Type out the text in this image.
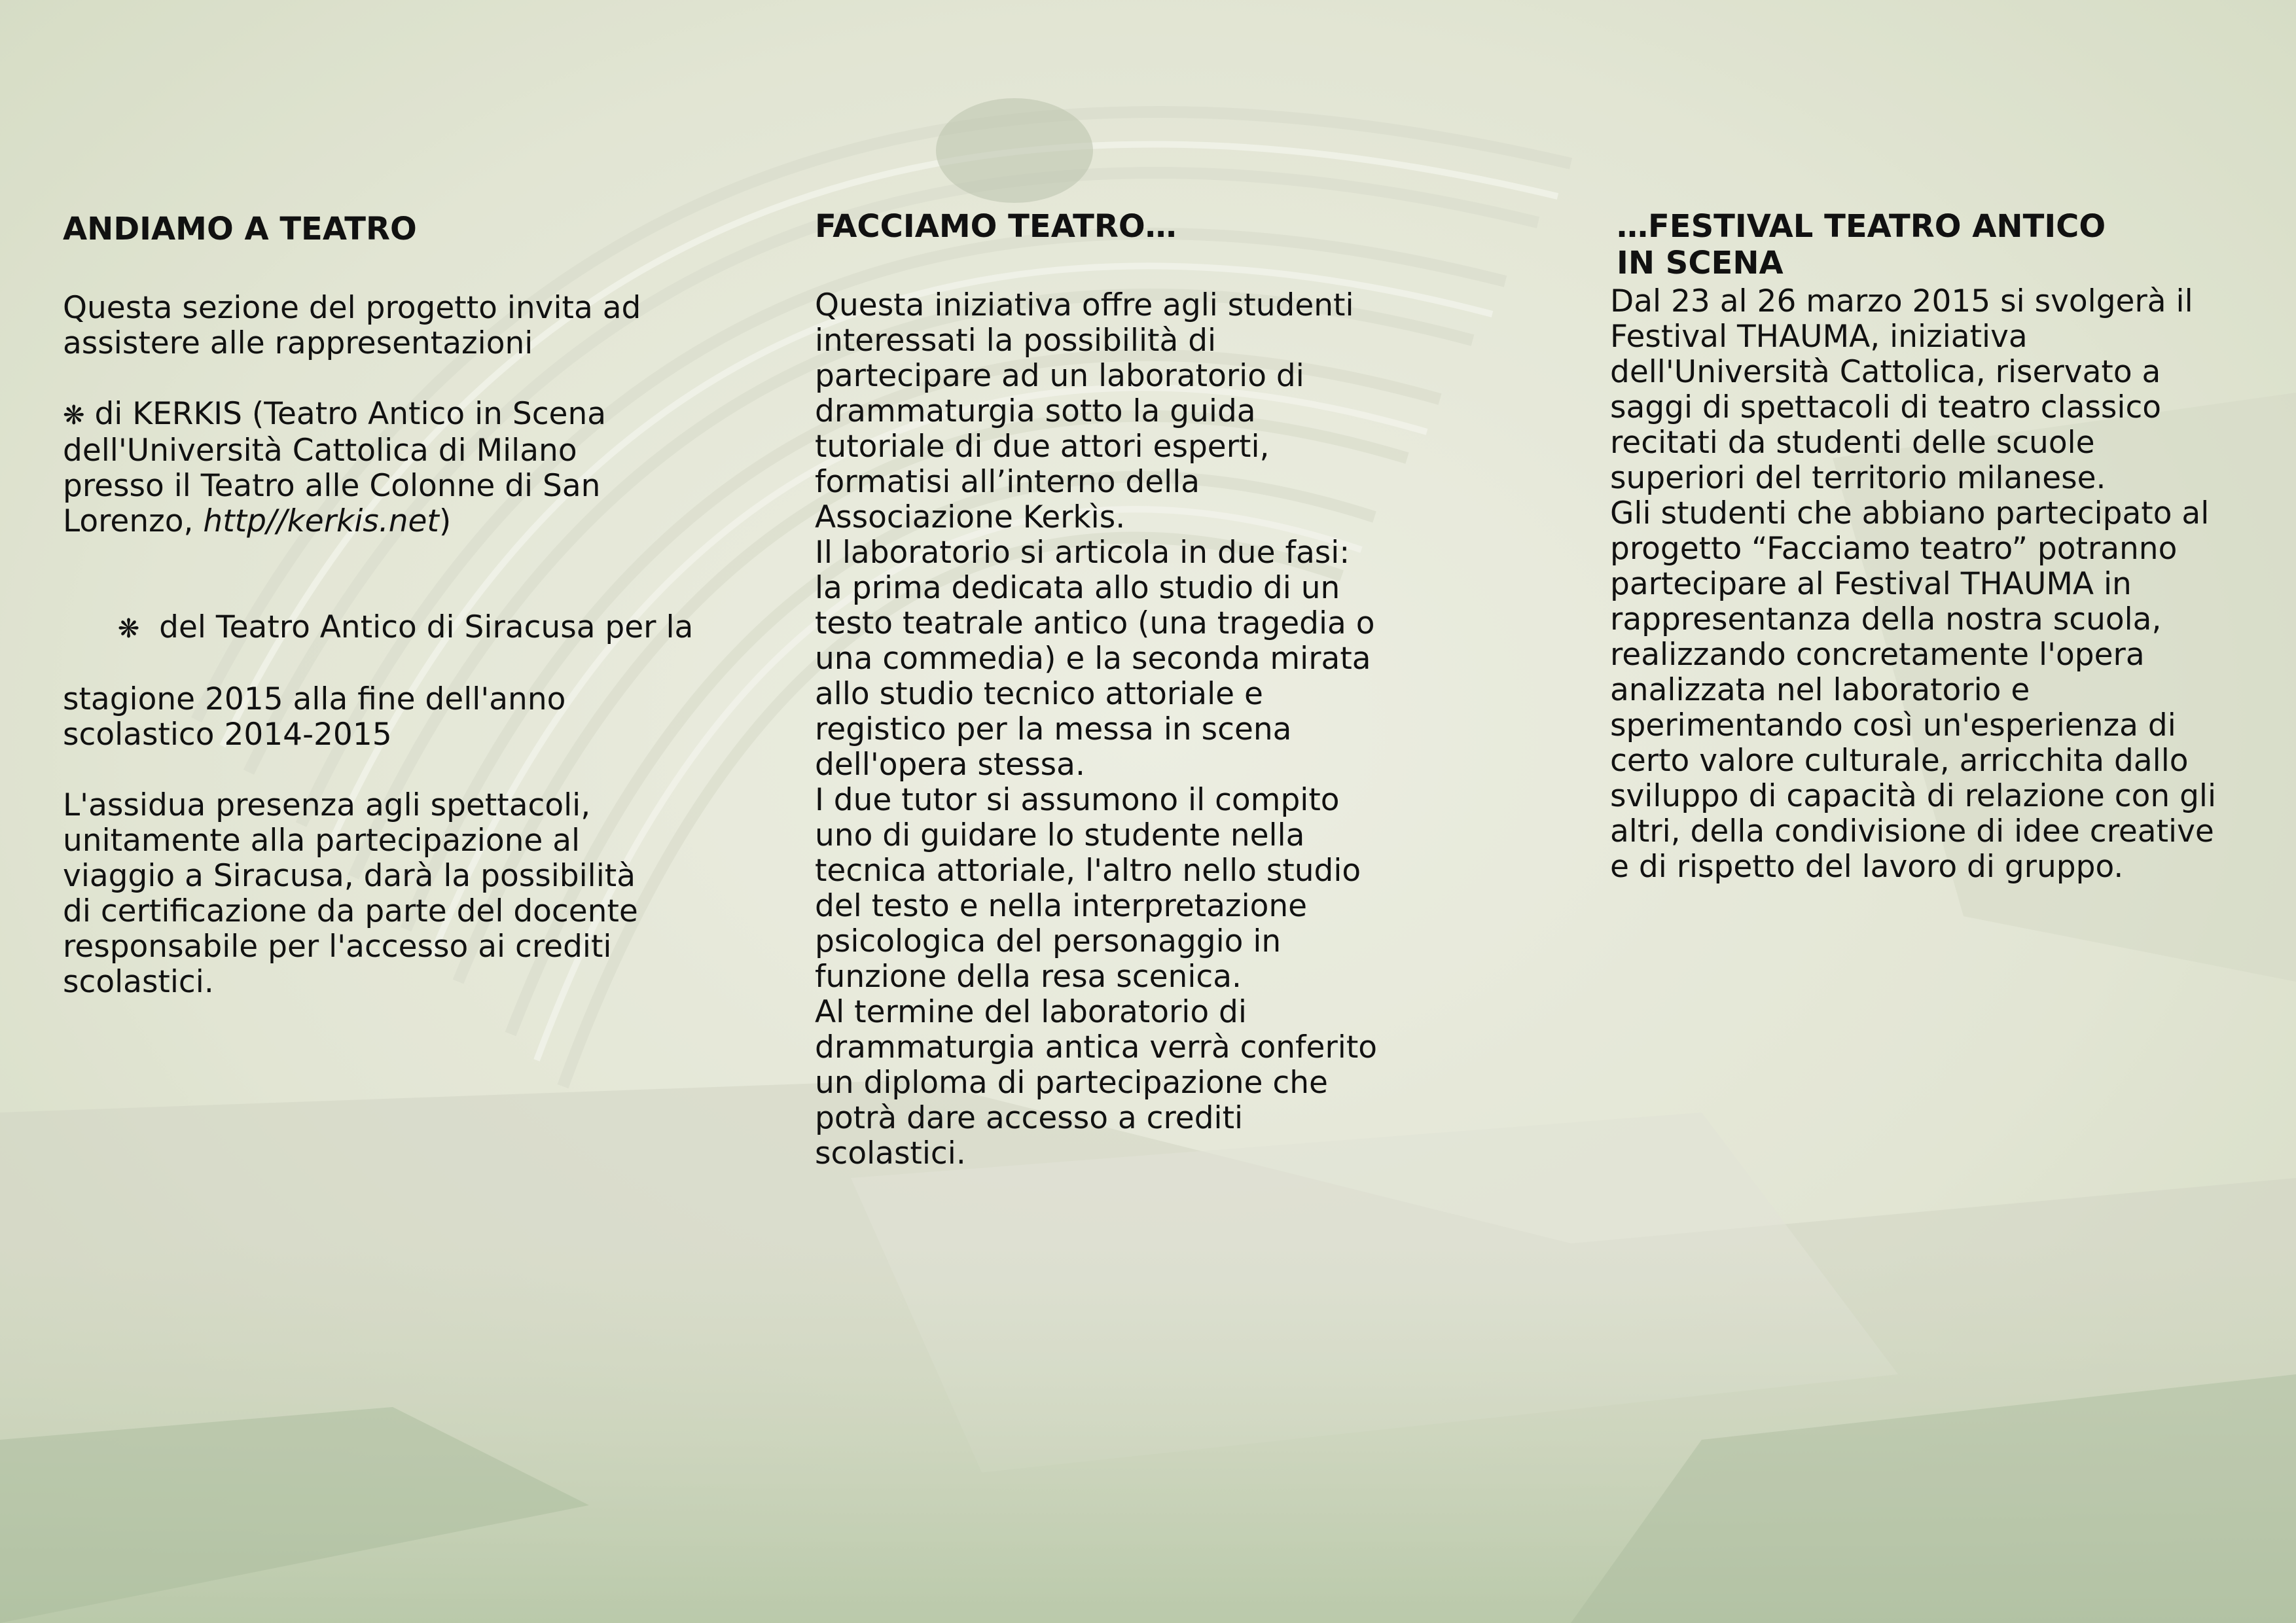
ANDIAMO A TEATRO
Questa sezione del progetto invita ad
assistere alle rappresentazioni
❋ di KERKIS (Teatro Antico in Scena
dell'Università Cattolica di Milano
presso il Teatro alle Colonne di San
Lorenzo, http//kerkis.net)

❋  del Teatro Antico di Siracusa per la

stagione 2015 alla fine dell'anno
scolastico 2014-2015
L'assidua presenza agli spettacoli,
unitamente alla partecipazione al
viaggio a Siracusa, darà la possibilità
di certificazione da parte del docente
responsabile per l'accesso ai crediti
scolastici.
FACCIAMO TEATRO…
Questa iniziativa offre agli studenti
interessati la possibilità di
partecipare ad un laboratorio di
drammaturgia sotto la guida
tutoriale di due attori esperti,
formatisi all’interno della
Associazione Kerkìs.
Il laboratorio si articola in due fasi:
la prima dedicata allo studio di un
testo teatrale antico (una tragedia o
una commedia) e la seconda mirata
allo studio tecnico attoriale e
registico per la messa in scena
dell'opera stessa.
I due tutor si assumono il compito
uno di guidare lo studente nella
tecnica attoriale, l'altro nello studio
del testo e nella interpretazione
psicologica del personaggio in
funzione della resa scenica.
Al termine del laboratorio di
drammaturgia antica verrà conferito
un diploma di partecipazione che
potrà dare accesso a crediti
scolastici.
…FESTIVAL TEATRO ANTICO
IN SCENA
Dal 23 al 26 marzo 2015 si svolgerà il
Festival THAUMA, iniziativa
dell'Università Cattolica, riservato a
saggi di spettacoli di teatro classico
recitati da studenti delle scuole
superiori del territorio milanese.
Gli studenti che abbiano partecipato al
progetto “Facciamo teatro” potranno
partecipare al Festival THAUMA in
rappresentanza della nostra scuola,
realizzando concretamente l'opera
analizzata nel laboratorio e
sperimentando così un'esperienza di
certo valore culturale, arricchita dallo
sviluppo di capacità di relazione con gli
altri, della condivisione di idee creative
e di rispetto del lavoro di gruppo.
